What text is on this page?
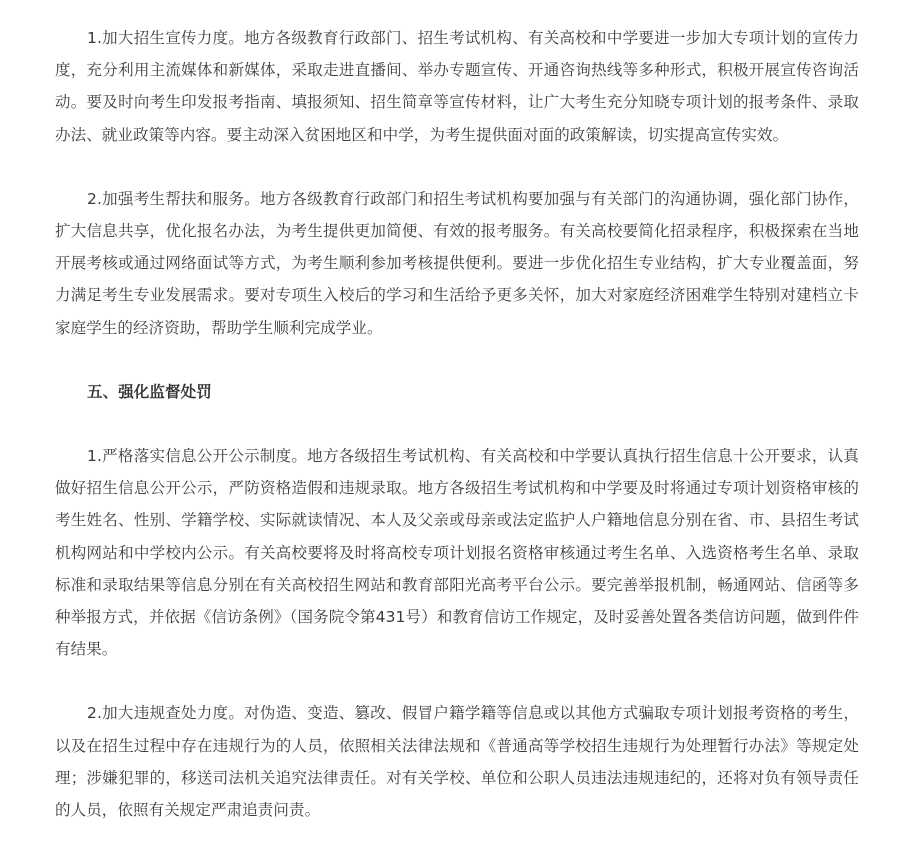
1.加大招生宣传力度。地方各级教育行政部门、招生考试机构、有关高校和中学要进一步加大专项计划的宣传力度，充分利用主流媒体和新媒体，采取走进直播间、举办专题宣传、开通咨询热线等多种形式，积极开展宣传咨询活动。要及时向考生印发报考指南、填报须知、招生简章等宣传材料，让广大考生充分知晓专项计划的报考条件、录取办法、就业政策等内容。要主动深入贫困地区和中学，为考生提供面对面的政策解读，切实提高宣传实效。

2.加强考生帮扶和服务。地方各级教育行政部门和招生考试机构要加强与有关部门的沟通协调，强化部门协作，扩大信息共享，优化报名办法，为考生提供更加简便、有效的报考服务。有关高校要简化招录程序，积极探索在当地开展考核或通过网络面试等方式，为考生顺利参加考核提供便利。要进一步优化招生专业结构，扩大专业覆盖面，努力满足考生专业发展需求。要对专项生入校后的学习和生活给予更多关怀，加大对家庭经济困难学生特别对建档立卡家庭学生的经济资助，帮助学生顺利完成学业。

五、强化监督处罚

1.严格落实信息公开公示制度。地方各级招生考试机构、有关高校和中学要认真执行招生信息十公开要求，认真做好招生信息公开公示，严防资格造假和违规录取。地方各级招生考试机构和中学要及时将通过专项计划资格审核的考生姓名、性别、学籍学校、实际就读情况、本人及父亲或母亲或法定监护人户籍地信息分别在省、市、县招生考试机构网站和中学校内公示。有关高校要将及时将高校专项计划报名资格审核通过考生名单、入选资格考生名单、录取标准和录取结果等信息分别在有关高校招生网站和教育部阳光高考平台公示。要完善举报机制，畅通网站、信函等多种举报方式，并依据《信访条例》（国务院令第431号）和教育信访工作规定，及时妥善处置各类信访问题，做到件件有结果。

2.加大违规查处力度。对伪造、变造、篡改、假冒户籍学籍等信息或以其他方式骗取专项计划报考资格的考生，以及在招生过程中存在违规行为的人员，依照相关法律法规和《普通高等学校招生违规行为处理暂行办法》等规定处理；涉嫌犯罪的，移送司法机关追究法律责任。对有关学校、单位和公职人员违法违规违纪的，还将对负有领导责任的人员，依照有关规定严肃追责问责。
